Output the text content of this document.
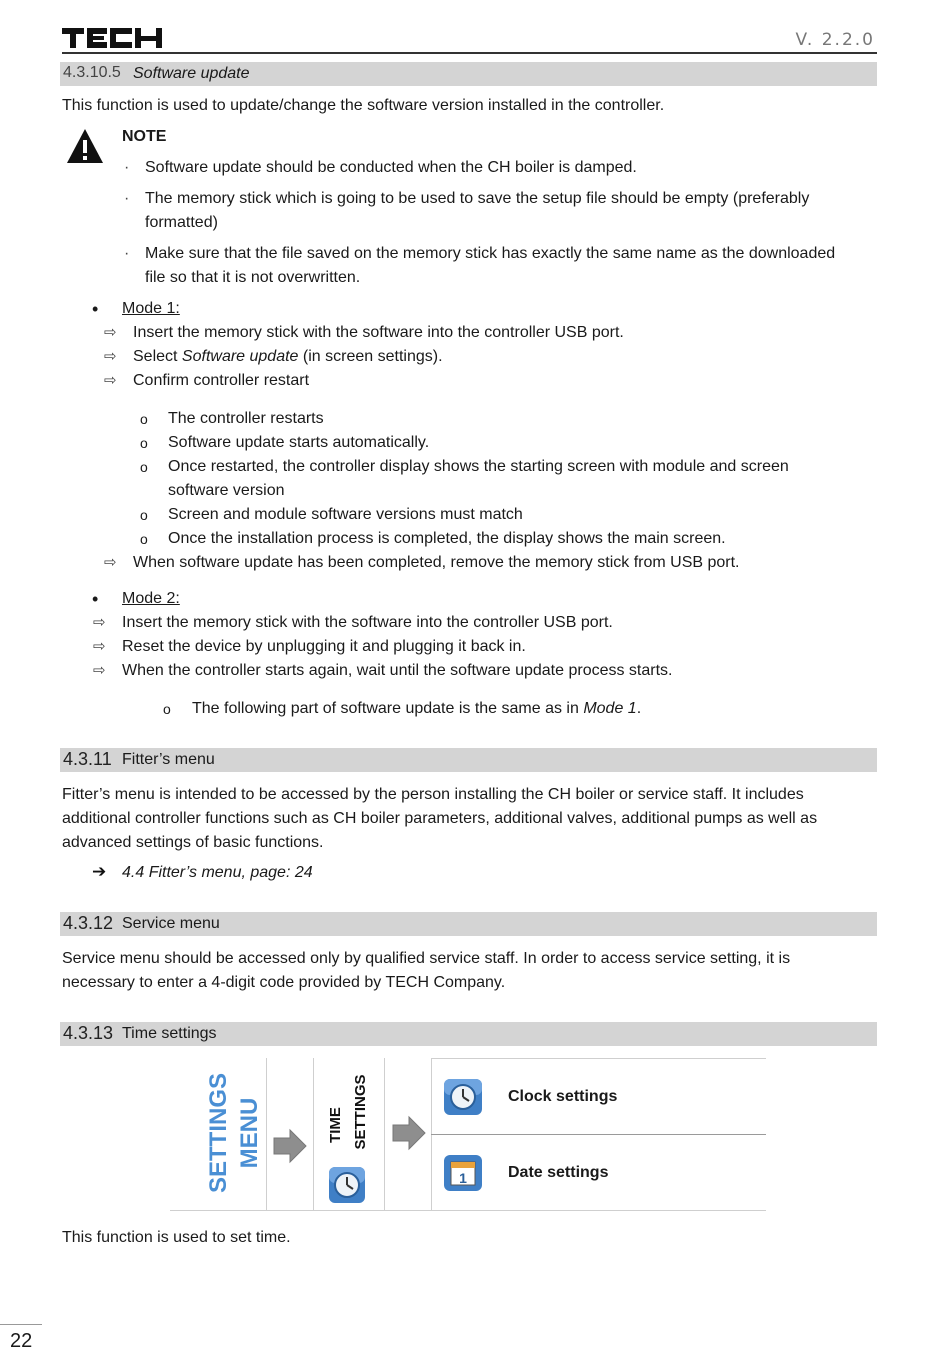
V. 2.2.0
4.3.10.5 Software update
This function is used to update/change the software version installed in the controller.
NOTE
· Software update should be conducted when the CH boiler is damped.
· The memory stick which is going to be used to save the setup file should be empty (preferably
formatted)
· Make sure that the file saved on the memory stick has exactly the same name as the downloaded
file so that it is not overwritten.
• Mode 1:
⇨ Insert the memory stick with the software into the controller USB port.
⇨ Select Software update (in screen settings).
⇨ Confirm controller restart
o The controller restarts
o Software update starts automatically.
o Once restarted, the controller display shows the starting screen with module and screen
software version
o Screen and module software versions must match
o Once the installation process is completed, the display shows the main screen.
⇨ When software update has been completed, remove the memory stick from USB port.
• Mode 2:
⇨ Insert the memory stick with the software into the controller USB port.
⇨ Reset the device by unplugging it and plugging it back in.
⇨ When the controller starts again, wait until the software update process starts.
o The following part of software update is the same as in Mode 1.
4.3.11 Fitter’s menu
Fitter’s menu is intended to be accessed by the person installing the CH boiler or service staff. It includes
additional controller functions such as CH boiler parameters, additional valves, additional pumps as well as
advanced settings of basic functions.
➔ 4.4 Fitter’s menu, page: 24
4.3.12 Service menu
Service menu should be accessed only by qualified service staff. In order to access service setting, it is
necessary to enter a 4-digit code provided by TECH Company.
4.3.13 Time settings
SETTINGS MENU	TIME SETTINGS	Clock settings
1	Date settings
This function is used to set time.
22
